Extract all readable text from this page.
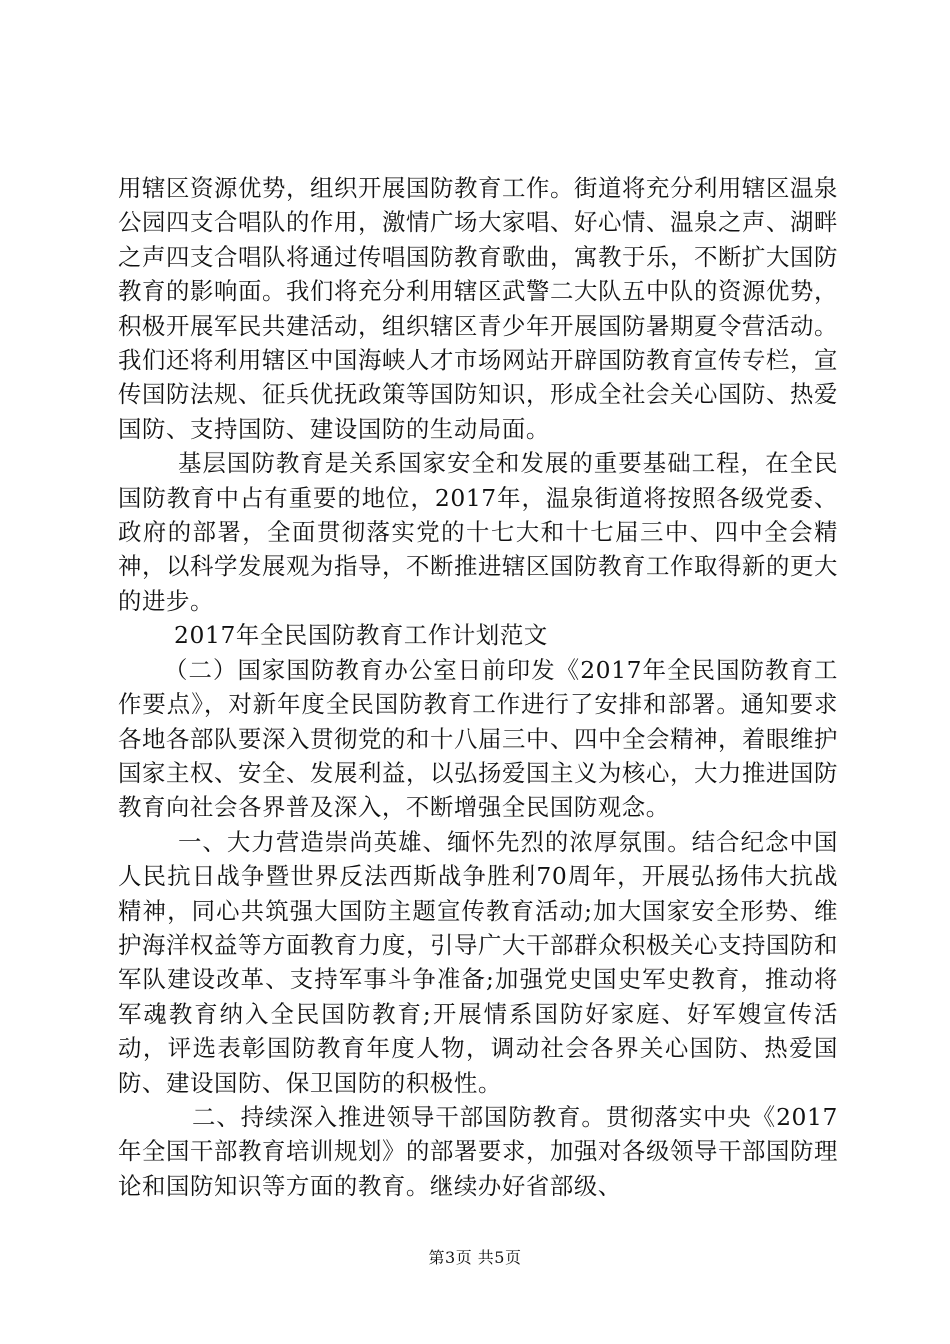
用辖区资源优势，组织开展国防教育工作。街道将充分利用辖区温泉公园四支合唱队的作用，激情广场大家唱、好心情、温泉之声、湖畔之声四支合唱队将通过传唱国防教育歌曲，寓教于乐，不断扩大国防教育的影响面。我们将充分利用辖区武警二大队五中队的资源优势，积极开展军民共建活动，组织辖区青少年开展国防暑期夏令营活动。我们还将利用辖区中国海峡人才市场网站开辟国防教育宣传专栏，宣传国防法规、征兵优抚政策等国防知识，形成全社会关心国防、热爱国防、支持国防、建设国防的生动局面。

基层国防教育是关系国家安全和发展的重要基础工程，在全民国防教育中占有重要的地位，2017年，温泉街道将按照各级党委、政府的部署，全面贯彻落实党的十七大和十七届三中、四中全会精神，以科学发展观为指导，不断推进辖区国防教育工作取得新的更大的进步。

2017年全民国防教育工作计划范文

（二）国家国防教育办公室日前印发《2017年全民国防教育工作要点》，对新年度全民国防教育工作进行了安排和部署。通知要求各地各部队要深入贯彻党的和十八届三中、四中全会精神，着眼维护国家主权、安全、发展利益，以弘扬爱国主义为核心，大力推进国防教育向社会各界普及深入，不断增强全民国防观念。

一、大力营造崇尚英雄、缅怀先烈的浓厚氛围。结合纪念中国人民抗日战争暨世界反法西斯战争胜利70周年，开展弘扬伟大抗战精神，同心共筑强大国防主题宣传教育活动;加大国家安全形势、维护海洋权益等方面教育力度，引导广大干部群众积极关心支持国防和军队建设改革、支持军事斗争准备;加强党史国史军史教育，推动将军魂教育纳入全民国防教育;开展情系国防好家庭、好军嫂宣传活动，评选表彰国防教育年度人物，调动社会各界关心国防、热爱国防、建设国防、保卫国防的积极性。

二、持续深入推进领导干部国防教育。贯彻落实中央《2017年全国干部教育培训规划》的部署要求，加强对各级领导干部国防理论和国防知识等方面的教育。继续办好省部级、

第3页 共5页
